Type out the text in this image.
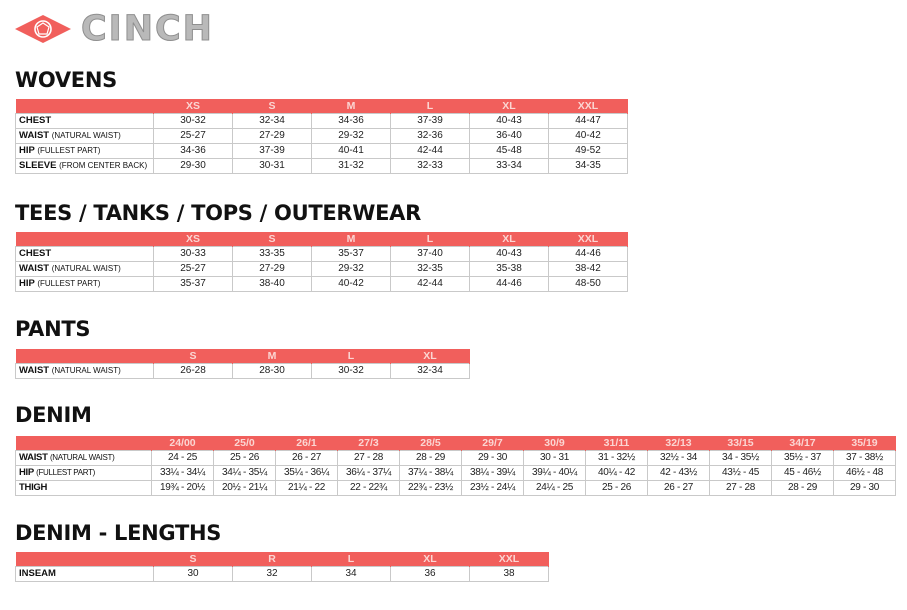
CINCH
WOVENS
	XS	S	M	L	XL	XXL
CHEST	30-32	32-34	34-36	37-39	40-43	44-47
WAIST (NATURAL WAIST)	25-27	27-29	29-32	32-36	36-40	40-42
HIP (FULLEST PART)	34-36	37-39	40-41	42-44	45-48	49-52
SLEEVE (FROM CENTER BACK)	29-30	30-31	31-32	32-33	33-34	34-35
TEES / TANKS / TOPS / OUTERWEAR
	XS	S	M	L	XL	XXL
CHEST	30-33	33-35	35-37	37-40	40-43	44-46
WAIST (NATURAL WAIST)	25-27	27-29	29-32	32-35	35-38	38-42
HIP (FULLEST PART)	35-37	38-40	40-42	42-44	44-46	48-50
PANTS
	S	M	L	XL
WAIST (NATURAL WAIST)	26-28	28-30	30-32	32-34
DENIM
	24/00	25/0	26/1	27/3	28/5	29/7	30/9	31/11	32/13	33/15	34/17	35/19
WAIST (NATURAL WAIST)	24 - 25	25 - 26	26 - 27	27 - 28	28 - 29	29 - 30	30 - 31	31 - 32½	32½ - 34	34 - 35½	35½ - 37	37 - 38½
HIP (FULLEST PART)	33¼ - 34¼	34¼ - 35¼	35¼ - 36¼	36¼ - 37¼	37¼ - 38¼	38¼ - 39¼	39¼ - 40¼	40¼ - 42	42 - 43½	43½ - 45	45 - 46½	46½ - 48
THIGH	19¾ - 20½	20½ - 21¼	21¼ - 22	22 - 22¾	22¾ - 23½	23½ - 24¼	24¼ - 25	25 - 26	26 - 27	27 - 28	28 - 29	29 - 30
DENIM - LENGTHS
	S	R	L	XL	XXL
INSEAM	30	32	34	36	38
